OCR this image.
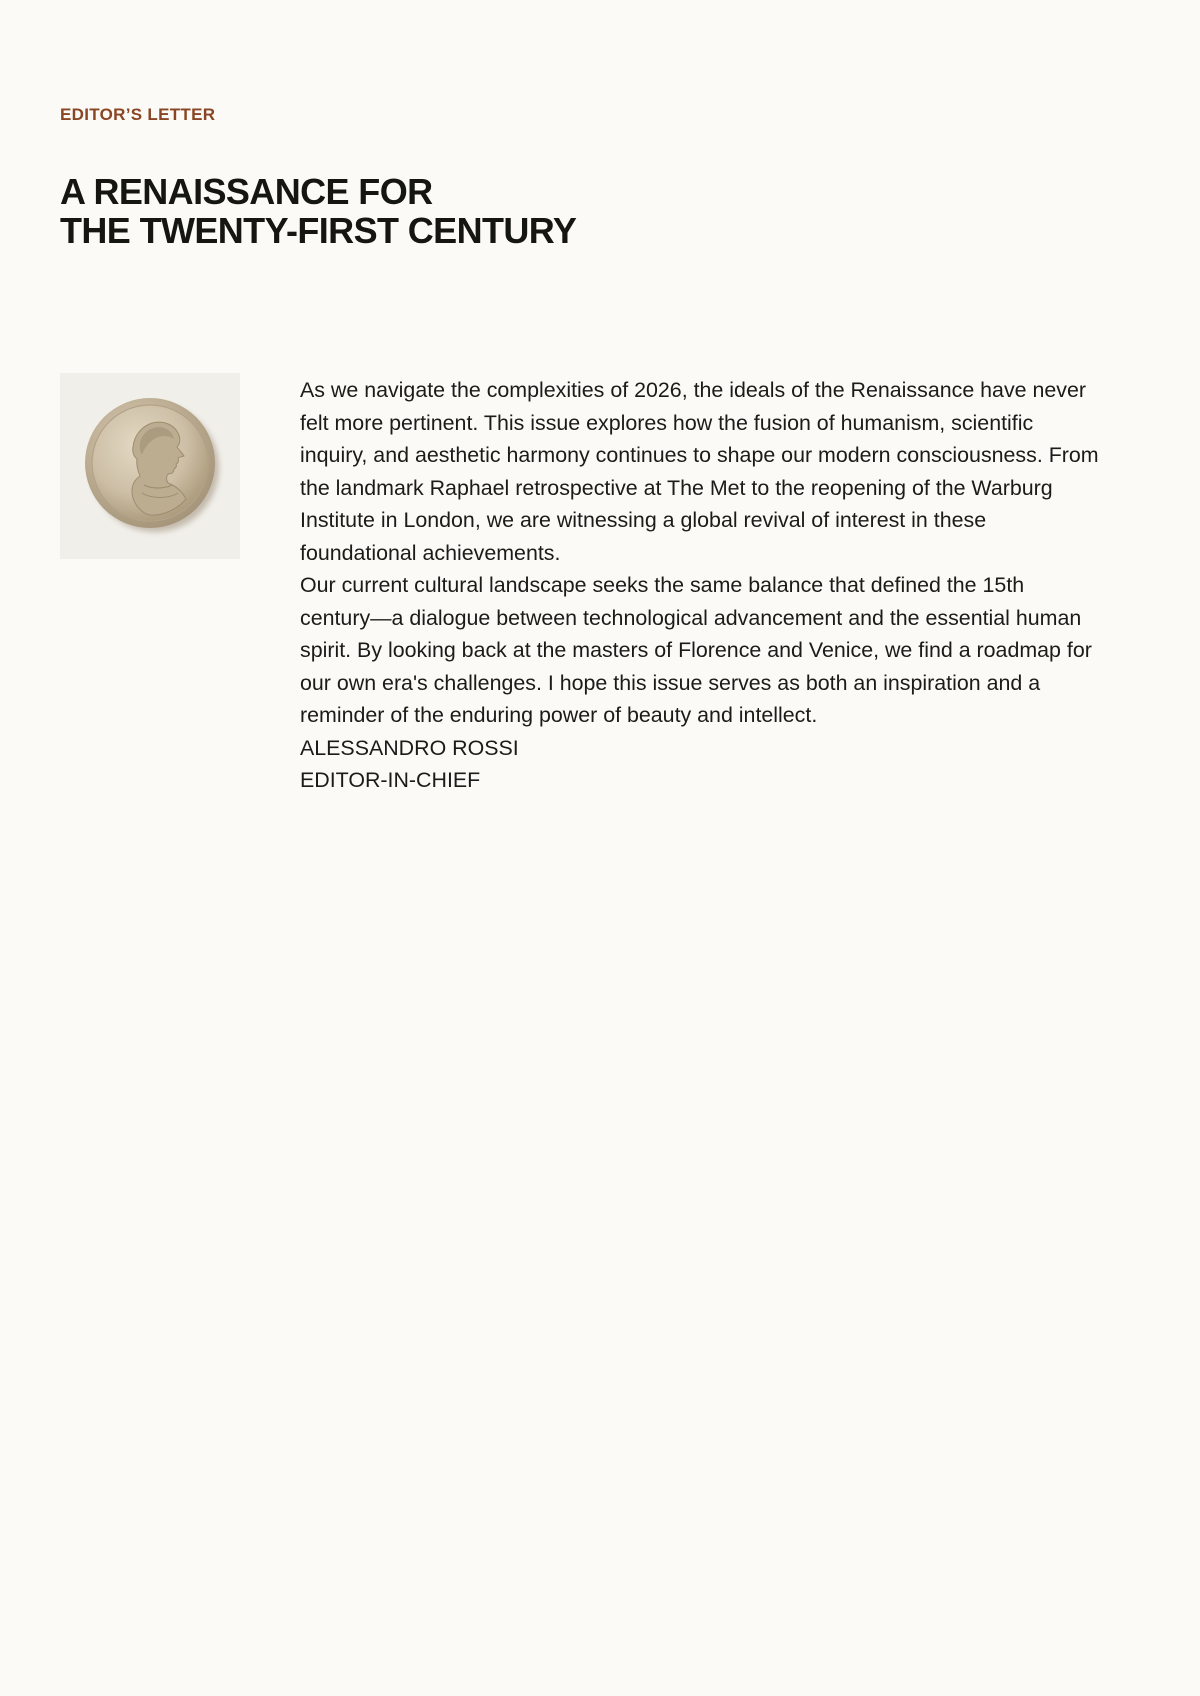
EDITOR’S LETTER

A RENAISSANCE FOR
THE TWENTY-FIRST CENTURY

As we navigate the complexities of 2026, the ideals of the Renaissance have never felt more pertinent. This issue explores how the fusion of humanism, scientific inquiry, and aesthetic harmony continues to shape our modern consciousness. From the landmark Raphael retrospective at The Met to the reopening of the Warburg Institute in London, we are witnessing a global revival of interest in these foundational achievements.

Our current cultural landscape seeks the same balance that defined the 15th century—a dialogue between technological advancement and the essential human spirit. By looking back at the masters of Florence and Venice, we find a roadmap for our own era's challenges. I hope this issue serves as both an inspiration and a reminder of the enduring power of beauty and intellect.

ALESSANDRO ROSSI

EDITOR-IN-CHIEF
